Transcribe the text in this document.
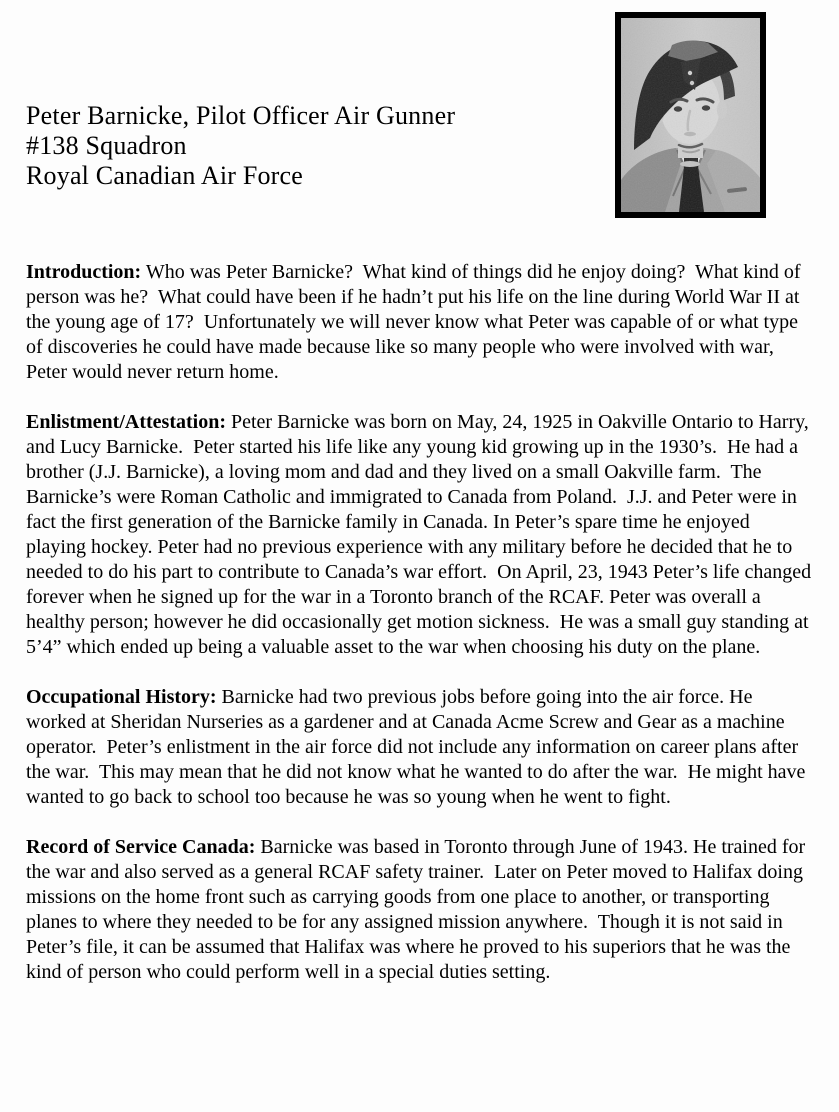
Peter Barnicke, Pilot Officer Air Gunner
#138 Squadron
Royal Canadian Air Force

Introduction: Who was Peter Barnicke?  What kind of things did he enjoy doing?  What kind of person was he?  What could have been if he hadn’t put his life on the line during World War II at the young age of 17?  Unfortunately we will never know what Peter was capable of or what type of discoveries he could have made because like so many people who were involved with war, Peter would never return home.

Enlistment/Attestation: Peter Barnicke was born on May, 24, 1925 in Oakville Ontario to Harry, and Lucy Barnicke.  Peter started his life like any young kid growing up in the 1930’s.  He had a brother (J.J. Barnicke), a loving mom and dad and they lived on a small Oakville farm.  The Barnicke’s were Roman Catholic and immigrated to Canada from Poland.  J.J. and Peter were in fact the first generation of the Barnicke family in Canada. In Peter’s spare time he enjoyed playing hockey. Peter had no previous experience with any military before he decided that he to needed to do his part to contribute to Canada’s war effort.  On April, 23, 1943 Peter’s life changed forever when he signed up for the war in a Toronto branch of the RCAF. Peter was overall a healthy person; however he did occasionally get motion sickness.  He was a small guy standing at 5’4” which ended up being a valuable asset to the war when choosing his duty on the plane.

Occupational History: Barnicke had two previous jobs before going into the air force. He worked at Sheridan Nurseries as a gardener and at Canada Acme Screw and Gear as a machine operator.  Peter’s enlistment in the air force did not include any information on career plans after the war.  This may mean that he did not know what he wanted to do after the war.  He might have wanted to go back to school too because he was so young when he went to fight.

Record of Service Canada: Barnicke was based in Toronto through June of 1943. He trained for the war and also served as a general RCAF safety trainer.  Later on Peter moved to Halifax doing missions on the home front such as carrying goods from one place to another, or transporting planes to where they needed to be for any assigned mission anywhere.  Though it is not said in Peter’s file, it can be assumed that Halifax was where he proved to his superiors that he was the kind of person who could perform well in a special duties setting.
